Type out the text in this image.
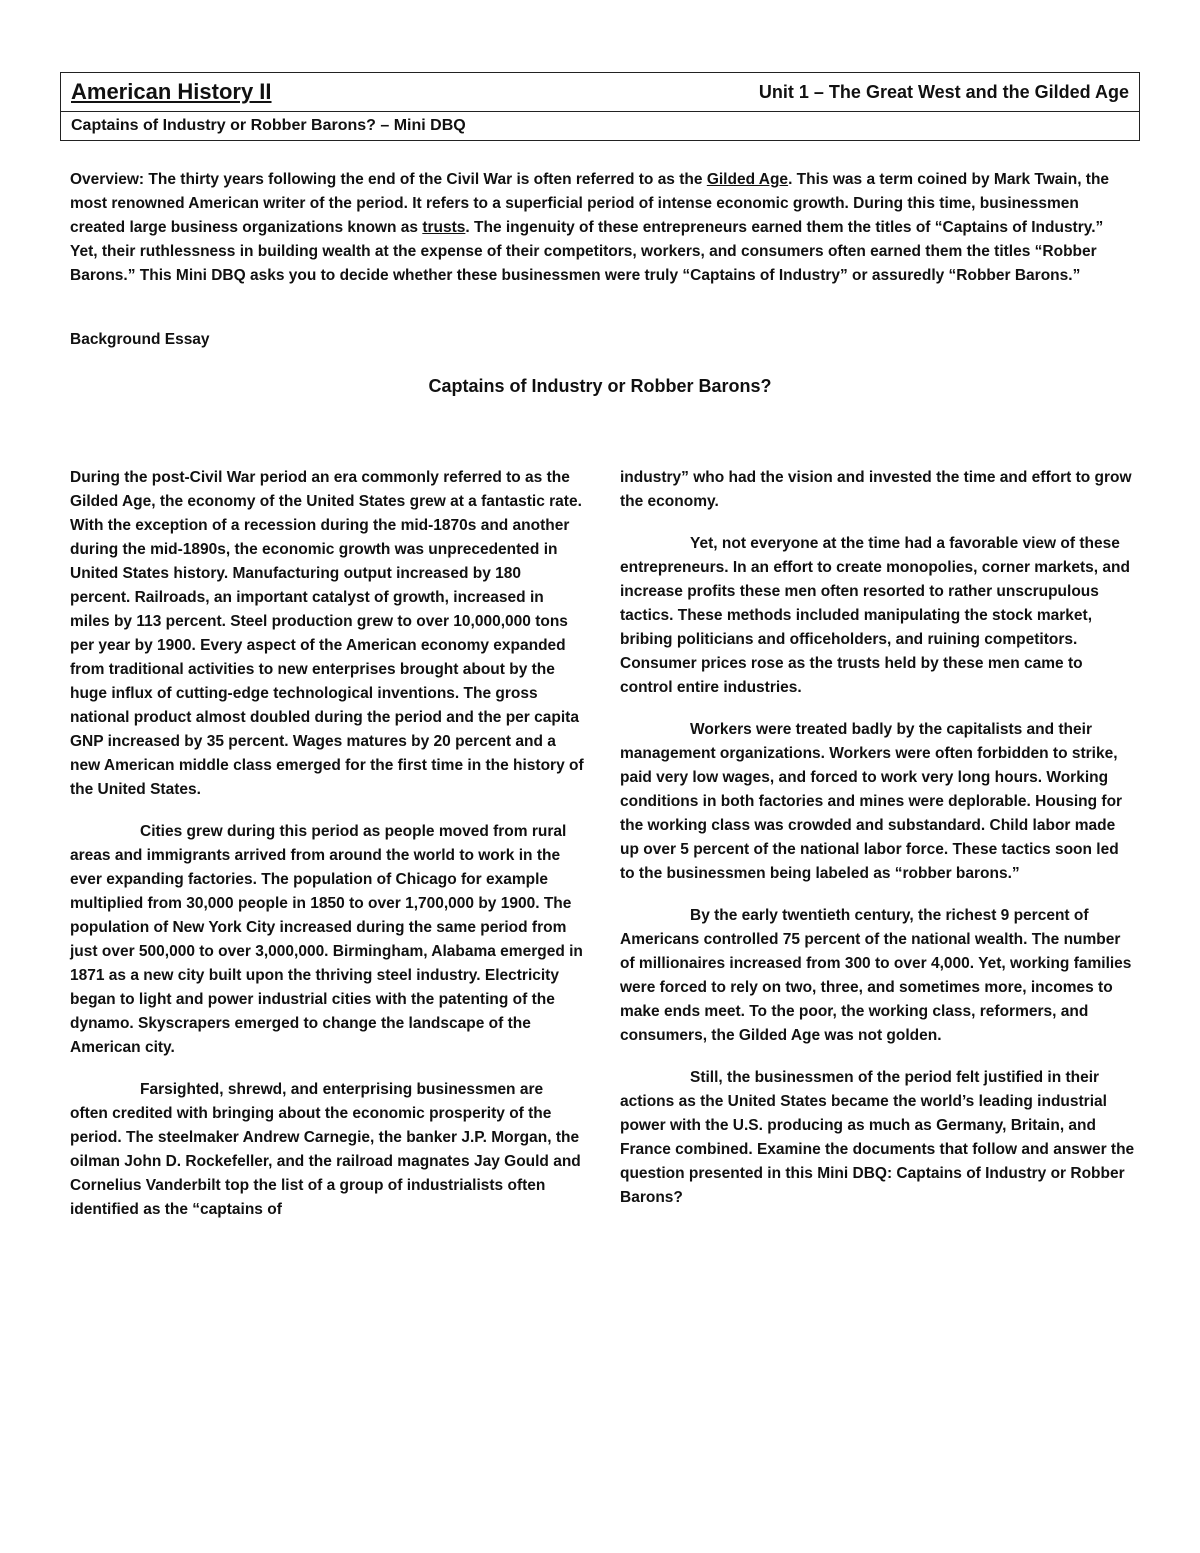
American History II	Unit 1 – The Great West and the Gilded Age
Captains of Industry or Robber Barons? – Mini DBQ

Overview: The thirty years following the end of the Civil War is often referred to as the Gilded Age. This was a term coined by Mark Twain, the most renowned American writer of the period. It refers to a superficial period of intense economic growth. During this time, businessmen created large business organizations known as trusts. The ingenuity of these entrepreneurs earned them the titles of “Captains of Industry.” Yet, their ruthlessness in building wealth at the expense of their competitors, workers, and consumers often earned them the titles “Robber Barons.” This Mini DBQ asks you to decide whether these businessmen were truly “Captains of Industry” or assuredly “Robber Barons.”

Background Essay
Captains of Industry or Robber Barons?

During the post-Civil War period an era commonly referred to as the Gilded Age, the economy of the United States grew at a fantastic rate. With the exception of a recession during the mid-1870s and another during the mid-1890s, the economic growth was unprecedented in United States history. Manufacturing output increased by 180 percent. Railroads, an important catalyst of growth, increased in miles by 113 percent. Steel production grew to over 10,000,000 tons per year by 1900. Every aspect of the American economy expanded from traditional activities to new enterprises brought about by the huge influx of cutting-edge technological inventions. The gross national product almost doubled during the period and the per capita GNP increased by 35 percent. Wages matures by 20 percent and a new American middle class emerged for the first time in the history of the United States.

Cities grew during this period as people moved from rural areas and immigrants arrived from around the world to work in the ever expanding factories. The population of Chicago for example multiplied from 30,000 people in 1850 to over 1,700,000 by 1900. The population of New York City increased during the same period from just over 500,000 to over 3,000,000. Birmingham, Alabama emerged in 1871 as a new city built upon the thriving steel industry. Electricity began to light and power industrial cities with the patenting of the dynamo. Skyscrapers emerged to change the landscape of the American city.

Farsighted, shrewd, and enterprising businessmen are often credited with bringing about the economic prosperity of the period. The steelmaker Andrew Carnegie, the banker J.P. Morgan, the oilman John D. Rockefeller, and the railroad magnates Jay Gould and Cornelius Vanderbilt top the list of a group of industrialists often identified as the “captains of

industry” who had the vision and invested the time and effort to grow the economy.

Yet, not everyone at the time had a favorable view of these entrepreneurs. In an effort to create monopolies, corner markets, and increase profits these men often resorted to rather unscrupulous tactics. These methods included manipulating the stock market, bribing politicians and officeholders, and ruining competitors. Consumer prices rose as the trusts held by these men came to control entire industries.

Workers were treated badly by the capitalists and their management organizations. Workers were often forbidden to strike, paid very low wages, and forced to work very long hours. Working conditions in both factories and mines were deplorable. Housing for the working class was crowded and substandard. Child labor made up over 5 percent of the national labor force. These tactics soon led to the businessmen being labeled as “robber barons.”

By the early twentieth century, the richest 9 percent of Americans controlled 75 percent of the national wealth. The number of millionaires increased from 300 to over 4,000. Yet, working families were forced to rely on two, three, and sometimes more, incomes to make ends meet. To the poor, the working class, reformers, and consumers, the Gilded Age was not golden.

Still, the businessmen of the period felt justified in their actions as the United States became the world’s leading industrial power with the U.S. producing as much as Germany, Britain, and France combined. Examine the documents that follow and answer the question presented in this Mini DBQ: Captains of Industry or Robber Barons?
